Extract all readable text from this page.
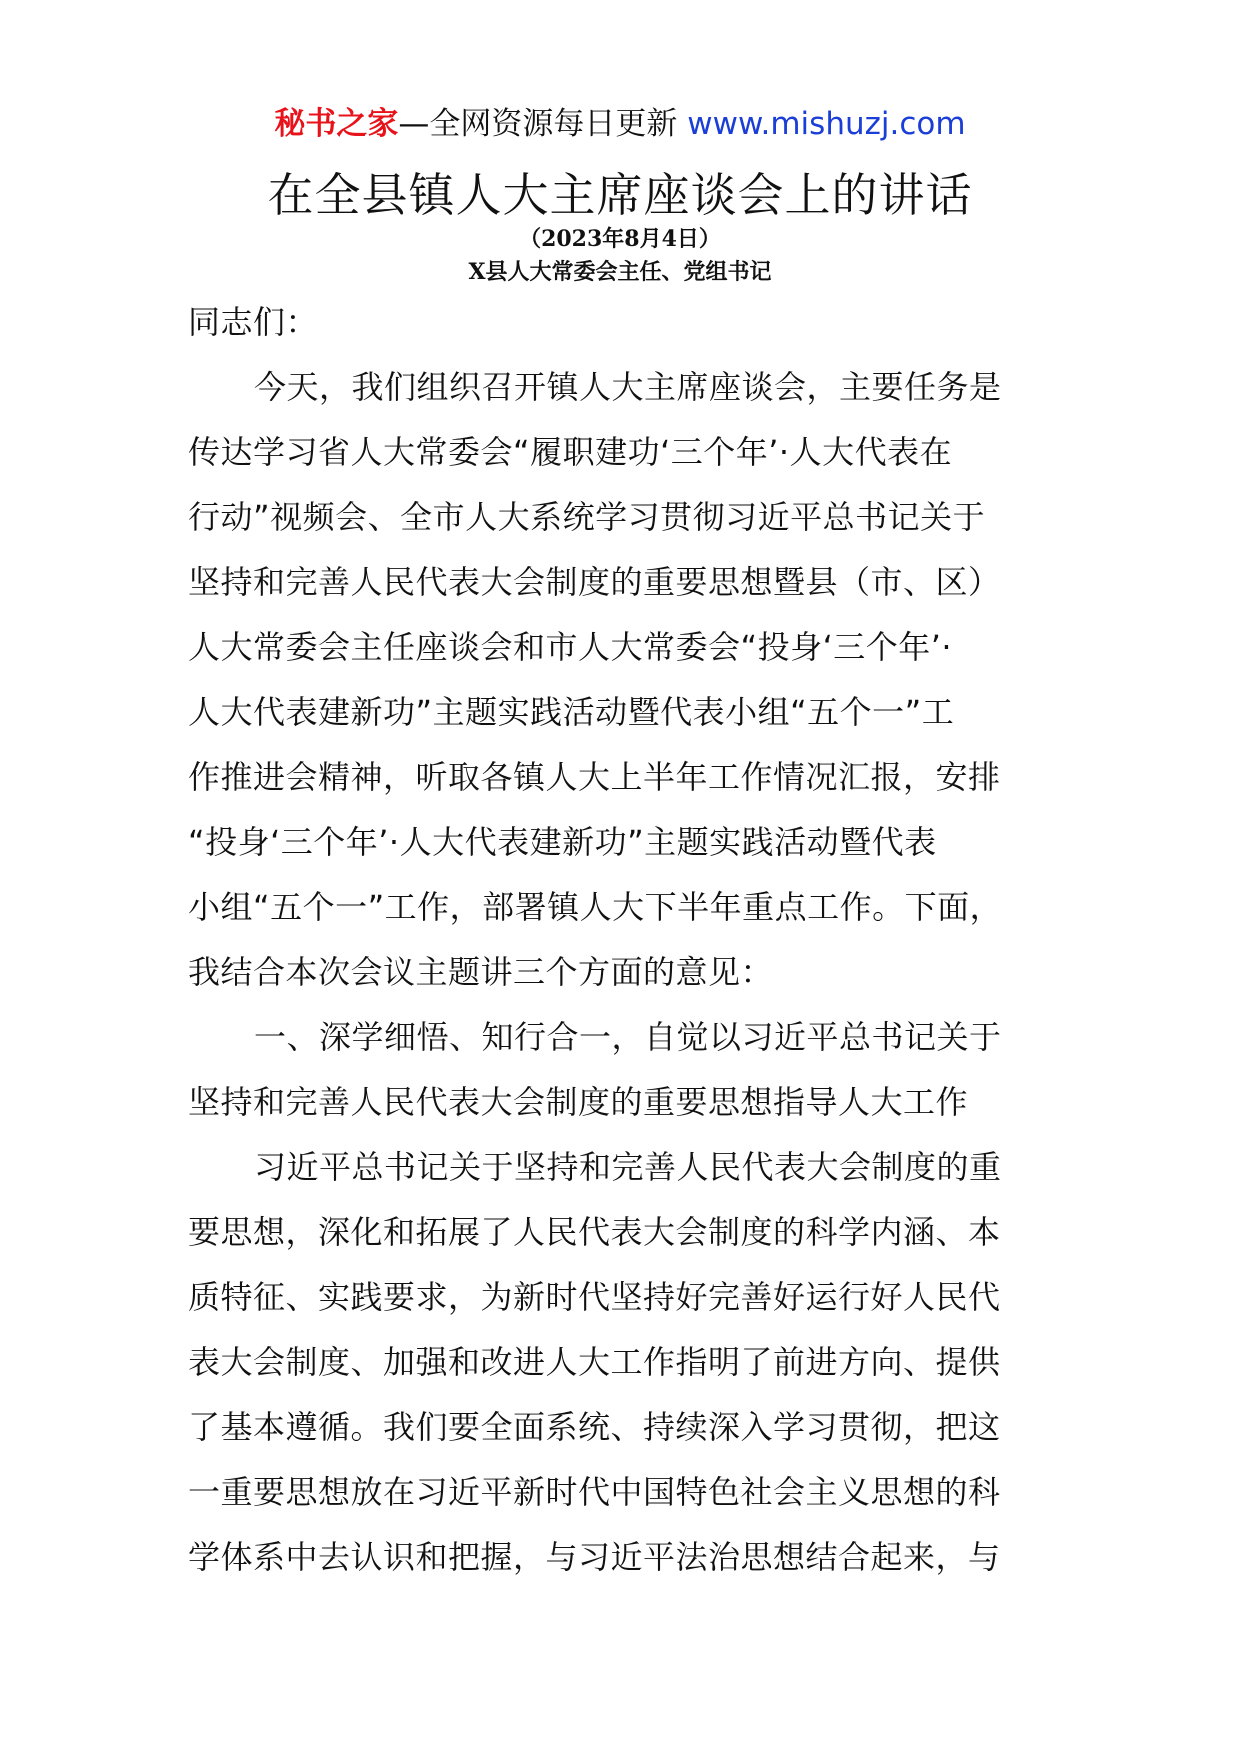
秘书之家—全网资源每日更新 www.mishuzj.com
在全县镇人大主席座谈会上的讲话
（2023年8月4日）
X县人大常委会主任、党组书记
同志们：
今天，我们组织召开镇人大主席座谈会，主要任务是
传达学习省人大常委会“履职建功‘三个年’·人大代表在
行动”视频会、全市人大系统学习贯彻习近平总书记关于
坚持和完善人民代表大会制度的重要思想暨县（市、区）
人大常委会主任座谈会和市人大常委会“投身‘三个年’·
人大代表建新功”主题实践活动暨代表小组“五个一”工
作推进会精神，听取各镇人大上半年工作情况汇报，安排
“投身‘三个年’·人大代表建新功”主题实践活动暨代表
小组“五个一”工作，部署镇人大下半年重点工作。下面，
我结合本次会议主题讲三个方面的意见：
一、深学细悟、知行合一，自觉以习近平总书记关于
坚持和完善人民代表大会制度的重要思想指导人大工作
习近平总书记关于坚持和完善人民代表大会制度的重
要思想，深化和拓展了人民代表大会制度的科学内涵、本
质特征、实践要求，为新时代坚持好完善好运行好人民代
表大会制度、加强和改进人大工作指明了前进方向、提供
了基本遵循。我们要全面系统、持续深入学习贯彻，把这
一重要思想放在习近平新时代中国特色社会主义思想的科
学体系中去认识和把握，与习近平法治思想结合起来，与
